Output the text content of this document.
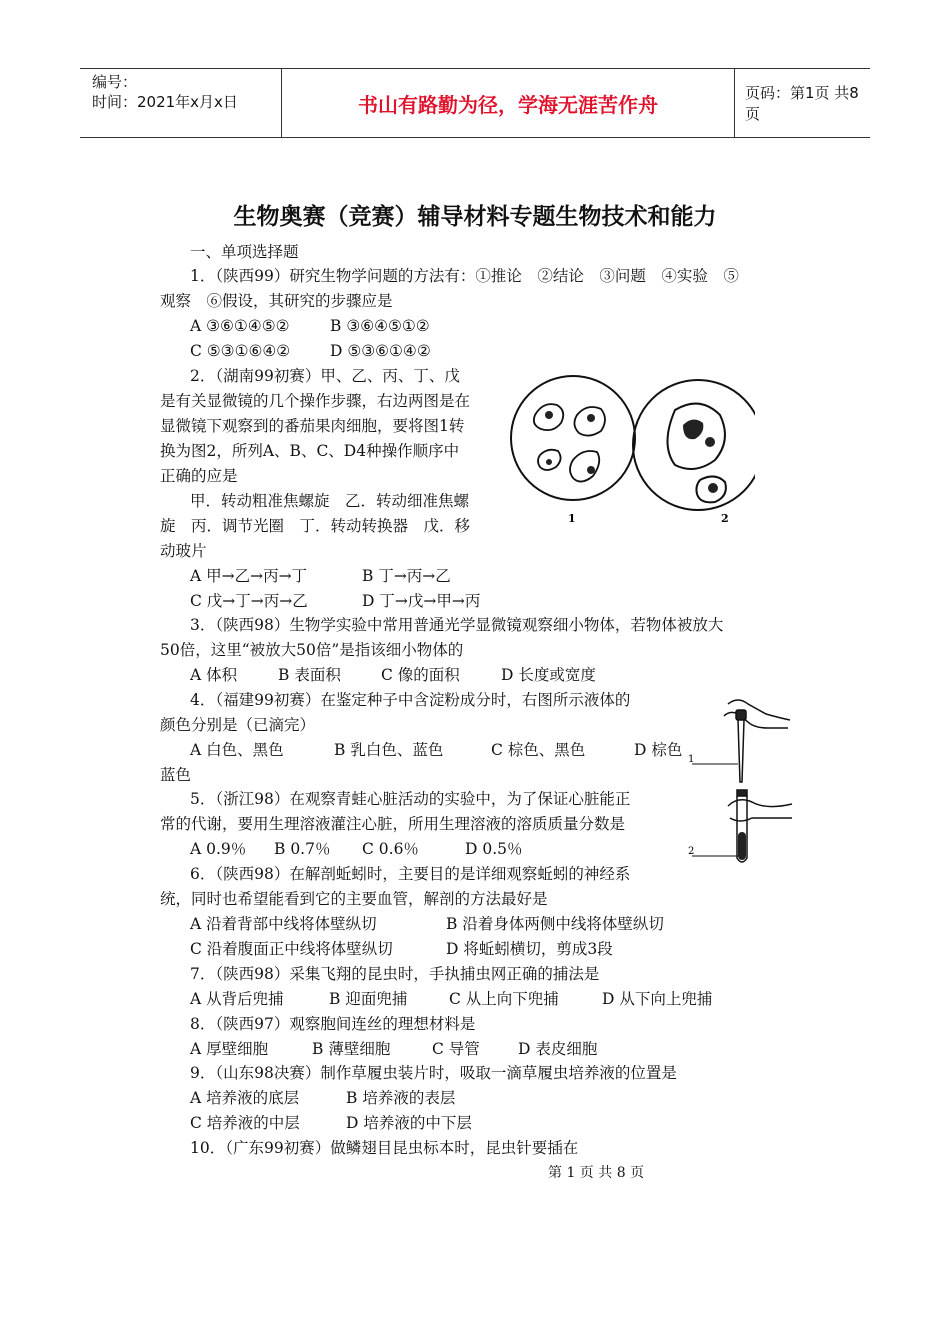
编号：
时间：2021年x月x日	书山有路勤为径，学海无涯苦作舟	页码：第1页 共8页
生物奥赛（竞赛）辅导材料专题生物技术和能力
一、单项选择题
1．（陕西99）研究生物学问题的方法有：①推论　②结论　③问题　④实验　⑤
观察　⑥假设，其研究的步骤应是
A ③⑥①④⑤②	B ③⑥④⑤①②
C ⑤③①⑥④②	D ⑤③⑥①④②
2．（湖南99初赛）甲、乙、丙、丁、戊
是有关显微镜的几个操作步骤，右边两图是在
显微镜下观察到的番茄果肉细胞，要将图1转
换为图2，所列A、B、C、D4种操作顺序中
正确的应是
甲．转动粗准焦螺旋　乙．转动细准焦螺
旋　丙．调节光圈　丁．转动转换器　戊．移
动玻片
A 甲→乙→丙→丁	B 丁→丙→乙
C 戊→丁→丙→乙	D 丁→戊→甲→丙
1	2
3．（陕西98）生物学实验中常用普通光学显微镜观察细小物体，若物体被放大
50倍，这里“被放大50倍”是指该细小物体的
A 体积	B 表面积	C 像的面积	D 长度或宽度
4．（福建99初赛）在鉴定种子中含淀粉成分时，右图所示液体的
颜色分别是（已滴完）
A 白色、黑色	B 乳白色、蓝色	C 棕色、黑色	D 棕色
蓝色
1
2
5．（浙江98）在观察青蛙心脏活动的实验中，为了保证心脏能正
常的代谢，要用生理溶液灌注心脏，所用生理溶液的溶质质量分数是
A 0.9％ B 0.7％ C 0.6％	D 0.5％
6．（陕西98）在解剖蚯蚓时，主要目的是详细观察蚯蚓的神经系
统，同时也希望能看到它的主要血管，解剖的方法最好是
A 沿着背部中线将体壁纵切	B 沿着身体两侧中线将体壁纵切
C 沿着腹面正中线将体壁纵切	D 将蚯蚓横切，剪成3段
7．（陕西98）采集飞翔的昆虫时，手执捕虫网正确的捕法是
A 从背后兜捕	B 迎面兜捕	C 从上向下兜捕	D 从下向上兜捕
8．（陕西97）观察胞间连丝的理想材料是
A 厚壁细胞	B 薄壁细胞	C 导管 D 表皮细胞
9．（山东98决赛）制作草履虫装片时，吸取一滴草履虫培养液的位置是
A 培养液的底层	B 培养液的表层
C 培养液的中层	D 培养液的中下层
10．（广东99初赛）做鳞翅目昆虫标本时，昆虫针要插在
第 1 页 共 8 页
